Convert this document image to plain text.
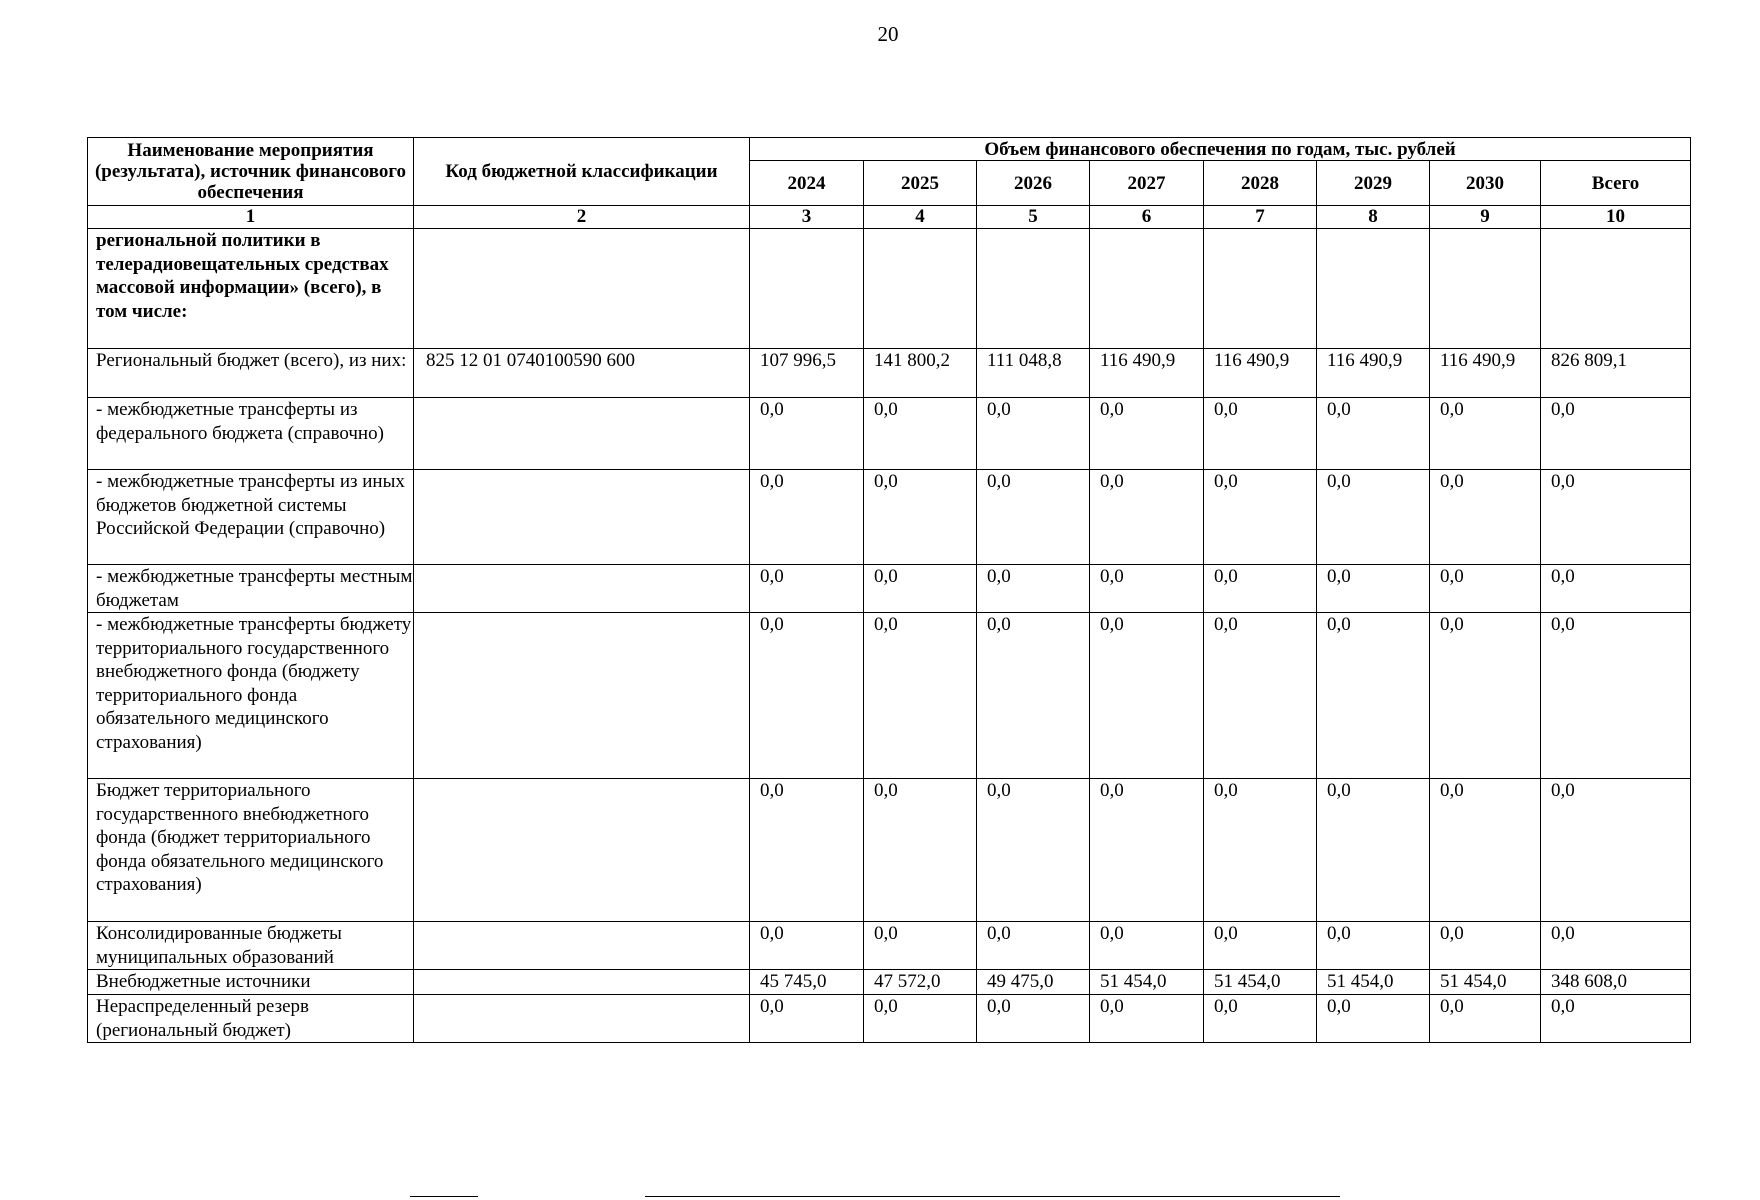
20
Наименование мероприятия (результата), источник финансового обеспечения	Код бюджетной классификации	Объем финансового обеспечения по годам, тыс. рублей							
		2024	2025	2026	2027	2028	2029	2030	Всего
1	2	3	4	5	6	7	8	9	10
региональной политики в телерадиовещательных средствах массовой информации» (всего), в том числе:									
Региональный бюджет (всего), из них:	825 12 01 0740100590 600	107 996,5	141 800,2	111 048,8	116 490,9	116 490,9	116 490,9	116 490,9	826 809,1
- межбюджетные трансферты из федерального бюджета (справочно)		0,0	0,0	0,0	0,0	0,0	0,0	0,0	0,0
- межбюджетные трансферты из иных бюджетов бюджетной системы Российской Федерации (справочно)		0,0	0,0	0,0	0,0	0,0	0,0	0,0	0,0
- межбюджетные трансферты местным бюджетам		0,0	0,0	0,0	0,0	0,0	0,0	0,0	0,0
- межбюджетные трансферты бюджету территориального государственного внебюджетного фонда (бюджету территориального фонда обязательного медицинского страхования)		0,0	0,0	0,0	0,0	0,0	0,0	0,0	0,0
Бюджет территориального государственного внебюджетного фонда (бюджет территориального фонда обязательного медицинского страхования)		0,0	0,0	0,0	0,0	0,0	0,0	0,0	0,0
Консолидированные бюджеты муниципальных образований		0,0	0,0	0,0	0,0	0,0	0,0	0,0	0,0
Внебюджетные источники		45 745,0	47 572,0	49 475,0	51 454,0	51 454,0	51 454,0	51 454,0	348 608,0
Нераспределенный резерв (региональный бюджет)		0,0	0,0	0,0	0,0	0,0	0,0	0,0	0,0
